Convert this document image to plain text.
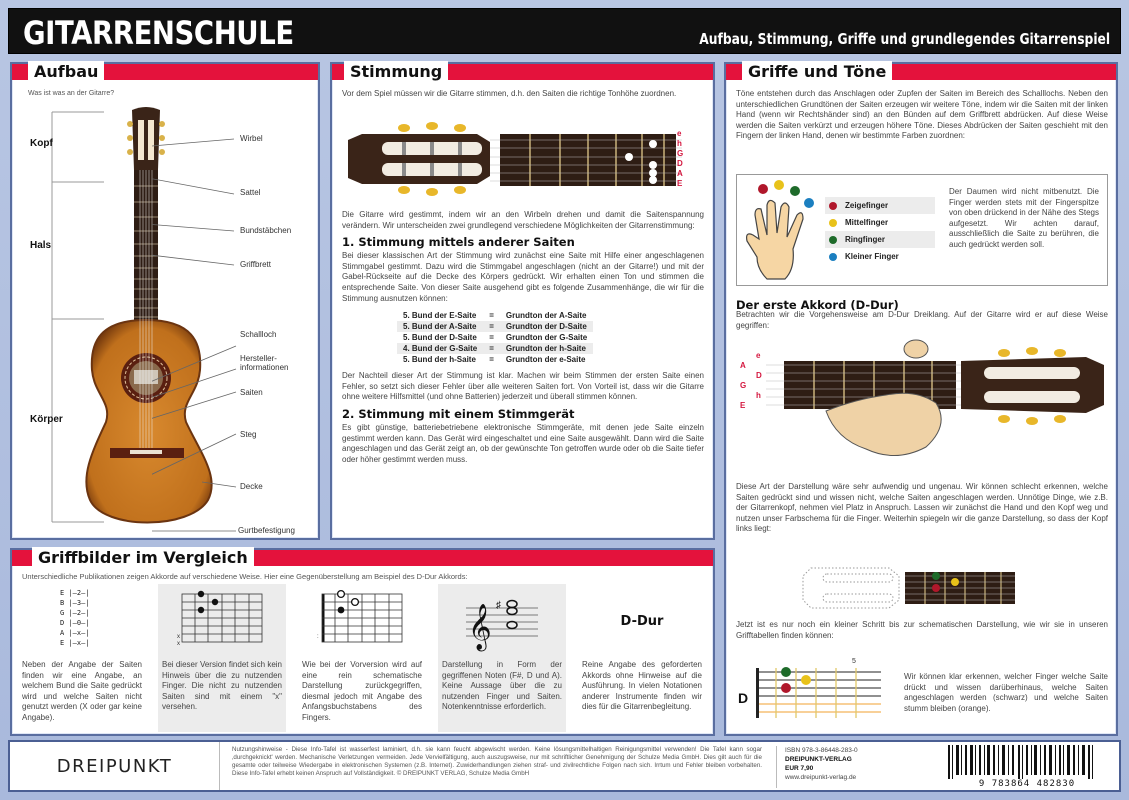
GITARRENSCHULE	Aufbau, Stimmung, Griffe und grundlegendes Gitarrenspiel
Aufbau
Was ist was an der Gitarre?
Kopf
Hals
Körper
Wirbel
Sattel
Bundstäbchen
Griffbrett
Schallloch
Hersteller-
informationen
Saiten
Steg
Decke
Gurtbefestigung
Stimmung
Vor dem Spiel müssen wir die Gitarre stimmen, d.h. den Saiten die richtige Tonhöhe zuordnen.
e
h
G
D
A
E
Die Gitarre wird gestimmt, indem wir an den Wirbeln drehen und damit die Saitenspannung verändern. Wir unterscheiden zwei grundlegend verschiedene Möglichkeiten der Gitarrenstimmung:
1. Stimmung mittels anderer Saiten
Bei dieser klassischen Art der Stimmung wird zunächst eine Saite mit Hilfe einer angeschlagenen Stimmgabel gestimmt. Dazu wird die Stimmgabel angeschlagen (nicht an der Gitarre!) und mit der Gabel-Rückseite auf die Decke des Körpers gedrückt. Wir erhalten einen Ton und stimmen die entsprechende Saite. Von dieser Saite ausgehend gibt es folgende Zusammenhänge, die wir für die Stimmung ausnutzen können:
5. Bund der E-Saite	=	Grundton der A-Saite
5. Bund der A-Saite	=	Grundton der D-Saite
5. Bund der D-Saite	=	Grundton der G-Saite
4. Bund der G-Saite	=	Grundton der h-Saite
5. Bund der h-Saite	=	Grundton der e-Saite
Der Nachteil dieser Art der Stimmung ist klar. Machen wir beim Stimmen der ersten Saite einen Fehler, so setzt sich dieser Fehler über alle weiteren Saiten fort. Von Vorteil ist, dass wir die Gitarre ohne weitere Hilfsmittel (und ohne Batterien) jederzeit und überall stimmen können.
2. Stimmung mit einem Stimmgerät
Es gibt günstige, batteriebetriebene elektronische Stimmgeräte, mit denen jede Saite einzeln gestimmt werden kann. Das Gerät wird eingeschaltet und eine Saite ausgewählt. Dann wird die Saite angeschlagen und das Gerät zeigt an, ob der gewünschte Ton getroffen wurde oder ob die Saite tiefer oder höher gestimmt werden muss.
Griffe und Töne
Töne entstehen durch das Anschlagen oder Zupfen der Saiten im Bereich des Schalllochs. Neben den unterschiedlichen Grundtönen der Saiten erzeugen wir weitere Töne, indem wir die Saiten mit der linken Hand (wenn wir Rechtshänder sind) an den Bünden auf dem Griffbrett abdrücken. Auf diese Weise werden die Saiten verkürzt und erzeugen höhere Töne. Dieses Abdrücken der Saiten geschieht mit den Fingern der linken Hand, denen wir bestimmte Farben zuordnen:
Zeigefinger
Mittelfinger
Ringfinger
Kleiner Finger
Der Daumen wird nicht mitbenutzt. Die Finger werden stets mit der Fingerspitze von oben drückend in der Nähe des Stegs aufgesetzt. Wir achten darauf, ausschließlich die Saite zu berühren, die auch gedrückt werden soll.
Der erste Akkord (D-Dur)
Betrachten wir die Vorgehensweise am D-Dur Dreiklang. Auf der Gitarre wird er auf diese Weise gegriffen:
e
A
D
G
h
E
Diese Art der Darstellung wäre sehr aufwendig und ungenau. Wir können schlecht erkennen, welche Saiten gedrückt sind und wissen nicht, welche Saiten angeschlagen werden. Unnötige Dinge, wie z.B. der Gitarrenkopf, nehmen viel Platz in Anspruch. Lassen wir zunächst die Hand und den Kopf weg und nutzen unser Farbschema für die Finger. Weiterhin spiegeln wir die ganze Darstellung, so dass der Kopf links liegt:
Jetzt ist es nur noch ein kleiner Schritt bis zur schematischen Darstellung, wie wir sie in unseren Grifftabellen finden können:
D
5
Wir können klar erkennen, welcher Finger welche Saite drückt und wissen darüberhinaus, welche Saiten angeschlagen werden (schwarz) und welche Saiten stumm bleiben (orange).
Griffbilder im Vergleich
Unterschiedliche Publikationen zeigen Akkorde auf verschiedene Weise. Hier eine Gegenüberstellung am Beispiel des D-Dur Akkords:
E |—2—|
B |—3—|
G |—2—|
D |—0—|
A |—x—|
E |—x—|
Neben der Angabe der Saiten finden wir eine Angabe, an welchem Bund die Saite gedrückt wird und welche Saiten nicht genutzt werden (X oder gar keine Angabe).
x
x
Bei dieser Version findet sich kein Hinweis über die zu nutzenden Finger. Die nicht zu nutzenden Saiten sind mit einem "x" versehen.
:
Wie bei der Vorversion wird auf eine rein schematische Darstellung zurückgegriffen, diesmal jedoch mit Angabe des Anfangsbuchstabens des Fingers.
𝄞 ♯
Darstellung in Form der gegriffenen Noten (F#, D und A). Keine Aussage über die zu nutzenden Finger und Saiten. Notenkenntnisse erforderlich.
D-Dur
Reine Angabe des geforderten Akkords ohne Hinweise auf die Ausführung. In vielen Notationen anderer Instrumente finden wir dies für die Gitarrenbegleitung.
DREIPUNKT
Nutzungshinweise - Diese Info-Tafel ist wasserfest laminiert, d.h. sie kann feucht abgewischt werden. Keine lösungsmittelhaltigen Reinigungsmittel verwenden! Die Tafel kann sogar ‚durchgeknickt' werden. Mechanische Verletzungen vermeiden. Jede Vervielfältigung, auch auszugsweise, nur mit schriftlicher Genehmigung der Schulze Media GmbH. Dies gilt auch für die gesamte oder teilweise Wiedergabe in elektronischen Systemen (z.B. Internet). Zuwiderhandlungen ziehen straf- und zivilrechtliche Folgen nach sich. Irrtum und Fehler bleiben vorbehalten. Diese Info-Tafel erhebt keinen Anspruch auf Vollständigkeit. © DREIPUNKT VERLAG, Schulze Media GmbH
ISBN 978-3-86448-283-0
DREIPUNKT-VERLAG
EUR 7,90
www.dreipunkt-verlag.de
9 783864 482830
